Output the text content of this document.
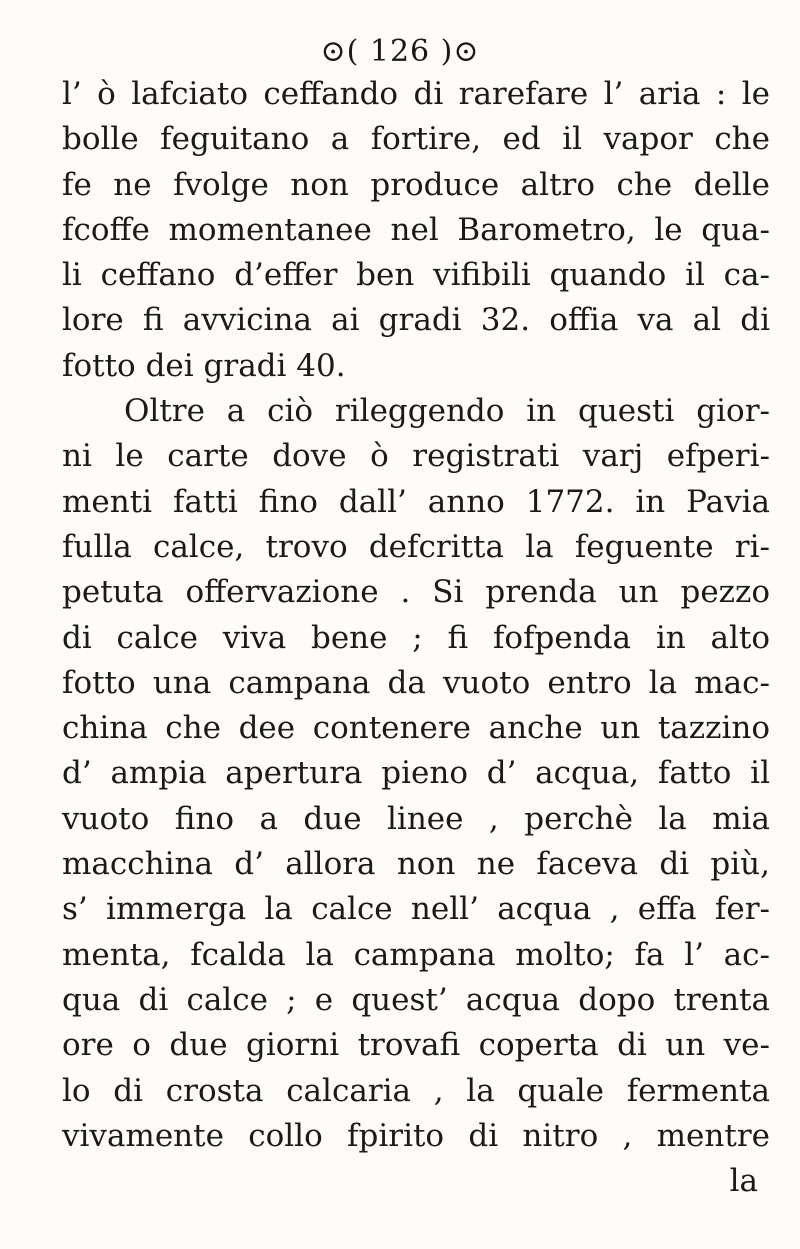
⊙( 126 )⊙
l’ ò lafciato ceffando di rarefare l’ aria : le
bolle feguitano a fortire, ed il vapor che
fe ne fvolge non produce altro che delle
fcoffe momentanee nel Barometro, le qua-
li ceffano d’effer ben vifibili quando il ca-
lore fi avvicina ai gradi 32. offia va al di
fotto dei gradi 40.
Oltre a ciò rileggendo in questi gior-
ni le carte dove ò registrati varj efperi-
menti fatti fino dall’ anno 1772. in Pavia
fulla calce, trovo defcritta la feguente ri-
petuta offervazione . Si prenda un pezzo
di calce viva bene ; fi fofpenda in alto
fotto una campana da vuoto entro la mac-
china che dee contenere anche un tazzino
d’ ampia apertura pieno d’ acqua, fatto il
vuoto fino a due linee , perchè la mia
macchina d’ allora non ne faceva di più,
s’ immerga la calce nell’ acqua , effa fer-
menta, fcalda la campana molto; fa l’ ac-
qua di calce ; e quest’ acqua dopo trenta
ore o due giorni trovafi coperta di un ve-
lo di crosta calcaria , la quale fermenta
vivamente collo fpirito di nitro , mentre
la
